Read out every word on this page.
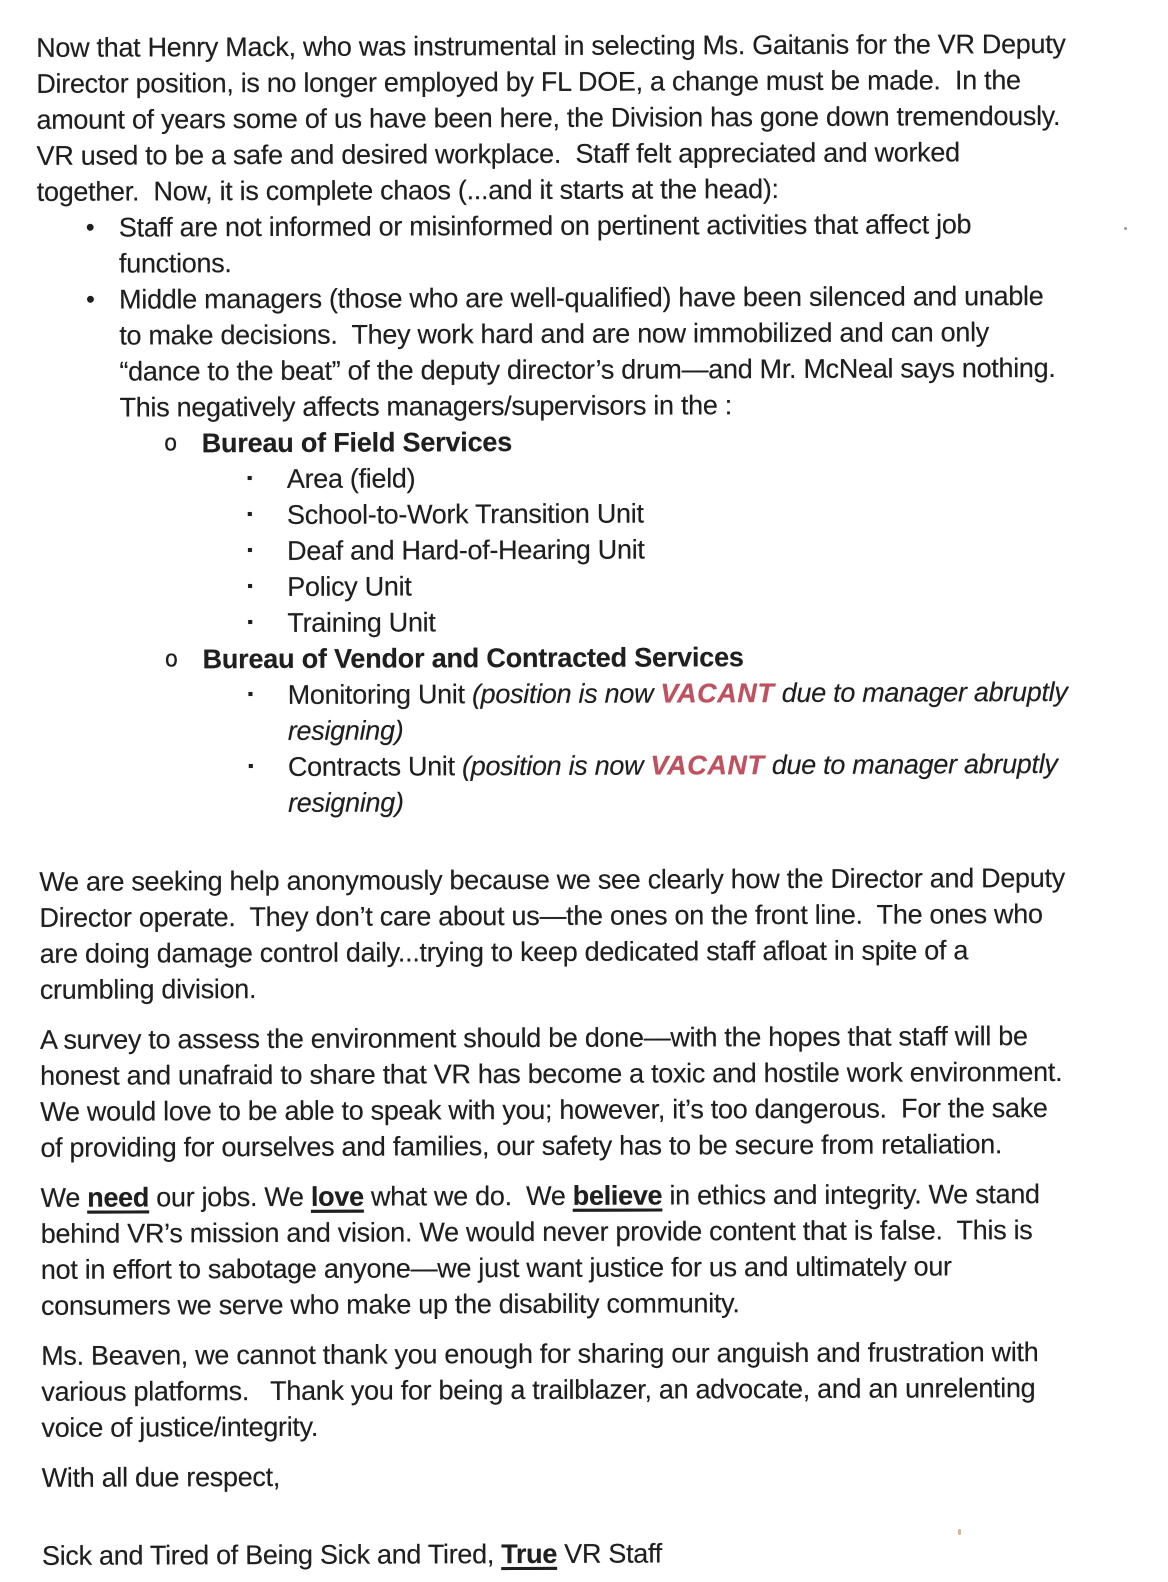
Now that Henry Mack, who was instrumental in selecting Ms. Gaitanis for the VR Deputy
Director position, is no longer employed by FL DOE, a change must be made.  In the
amount of years some of us have been here, the Division has gone down tremendously.
VR used to be a safe and desired workplace.  Staff felt appreciated and worked
together.  Now, it is complete chaos (...and it starts at the head):

• Staff are not informed or misinformed on pertinent activities that affect job
functions.
• Middle managers (those who are well-qualified) have been silenced and unable
to make decisions.  They work hard and are now immobilized and can only
“dance to the beat” of the deputy director’s drum—and Mr. McNeal says nothing.
This negatively affects managers/supervisors in the :
o Bureau of Field Services
▪	Area (field)
▪	School-to-Work Transition Unit
▪	Deaf and Hard-of-Hearing Unit
▪	Policy Unit
▪	Training Unit
o Bureau of Vendor and Contracted Services
▪	Monitoring Unit (position is now VACANT due to manager abruptly
resigning)
▪	Contracts Unit (position is now VACANT due to manager abruptly
resigning)

We are seeking help anonymously because we see clearly how the Director and Deputy
Director operate.  They don’t care about us—the ones on the front line.  The ones who
are doing damage control daily...trying to keep dedicated staff afloat in spite of a
crumbling division.

A survey to assess the environment should be done—with the hopes that staff will be
honest and unafraid to share that VR has become a toxic and hostile work environment.
We would love to be able to speak with you; however, it’s too dangerous.  For the sake
of providing for ourselves and families, our safety has to be secure from retaliation.

We need our jobs. We love what we do.  We believe in ethics and integrity. We stand
behind VR’s mission and vision. We would never provide content that is false.  This is
not in effort to sabotage anyone—we just want justice for us and ultimately our
consumers we serve who make up the disability community.

Ms. Beaven, we cannot thank you enough for sharing our anguish and frustration with
various platforms.   Thank you for being a trailblazer, an advocate, and an unrelenting
voice of justice/integrity.

With all due respect,

Sick and Tired of Being Sick and Tired, True VR Staff
